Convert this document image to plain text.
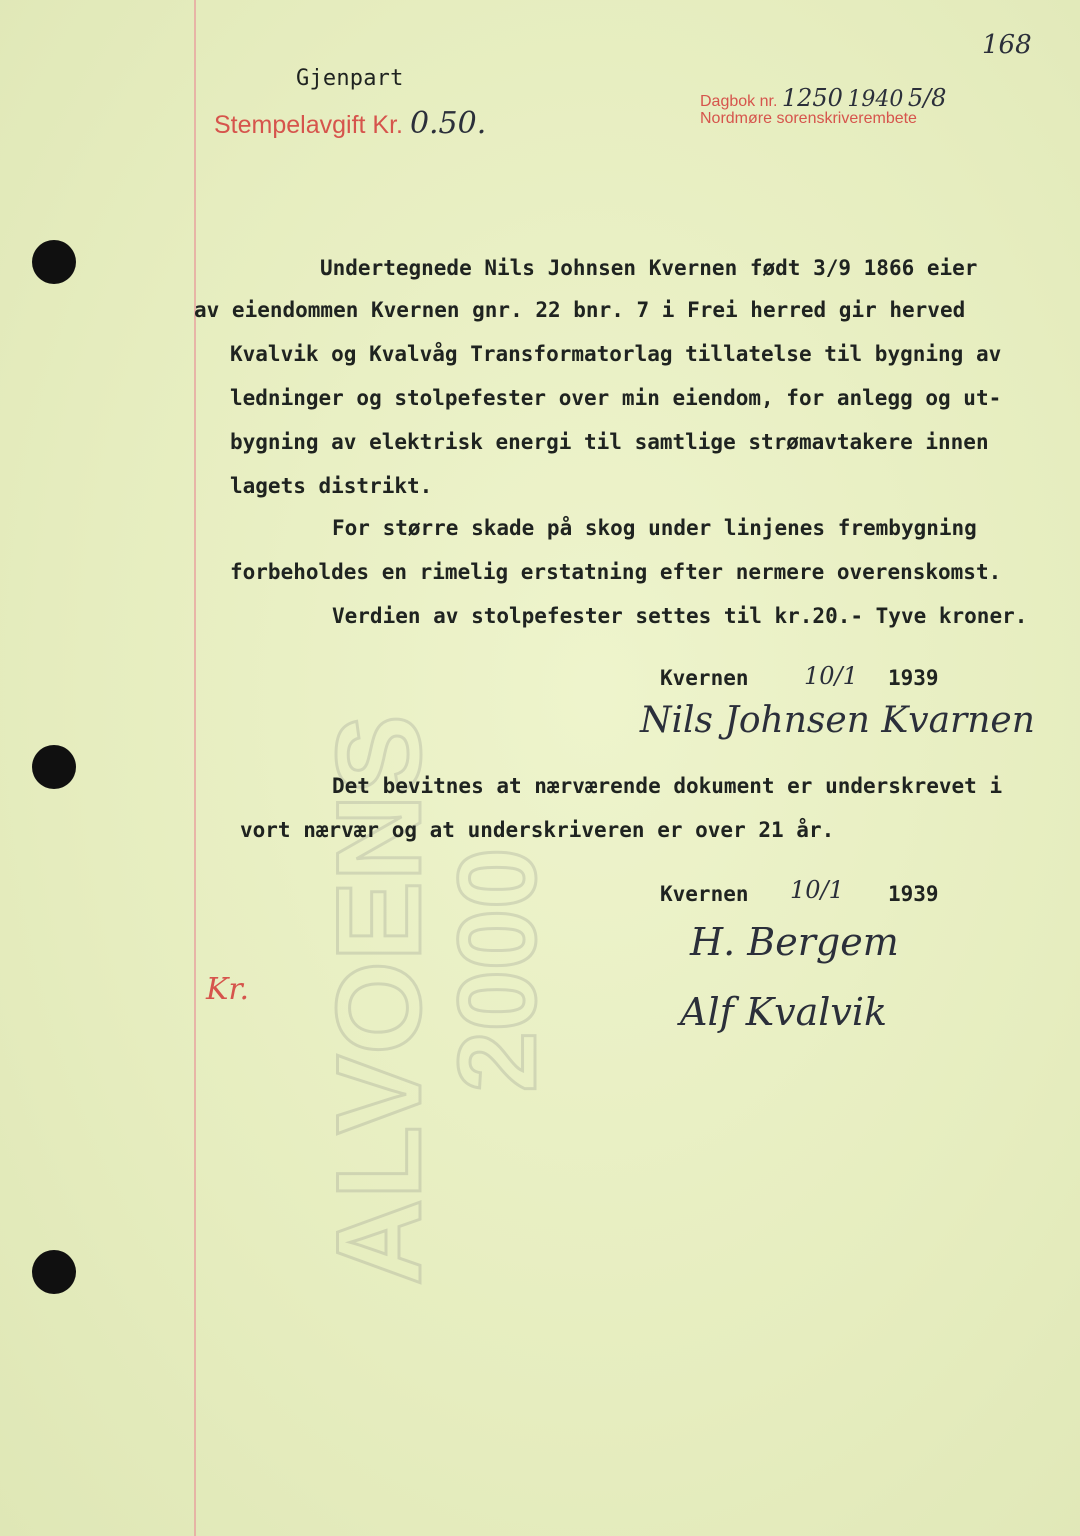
ALVOENS
2000
168
Gjenpart
Stempelavgift Kr. 0.50.
Dagbok nr. 1250 1940 5/8
Nordmøre sorenskriverembete
Undertegnede Nils Johnsen Kvernen født 3/9 1866 eier
av eiendommen Kvernen gnr. 22 bnr. 7 i Frei herred gir herved
Kvalvik og Kvalvåg Transformatorlag tillatelse til bygning av
ledninger og stolpefester over min eiendom, for anlegg og ut-
bygning av elektrisk energi til samtlige strømavtakere innen
lagets distrikt.
For større skade på skog under linjenes frembygning
forbeholdes en rimelig erstatning efter nermere overenskomst.
Verdien av stolpefester settes til kr.20.- Tyve kroner.
Kvernen 10/1 1939
Nils Johnsen Kvarnen
Det bevitnes at nærværende dokument er underskrevet i
vort nærvær og at underskriveren er over 21 år.
Kvernen 10/1 1939
H. Bergem
Alf Kvalvik
Kr.
